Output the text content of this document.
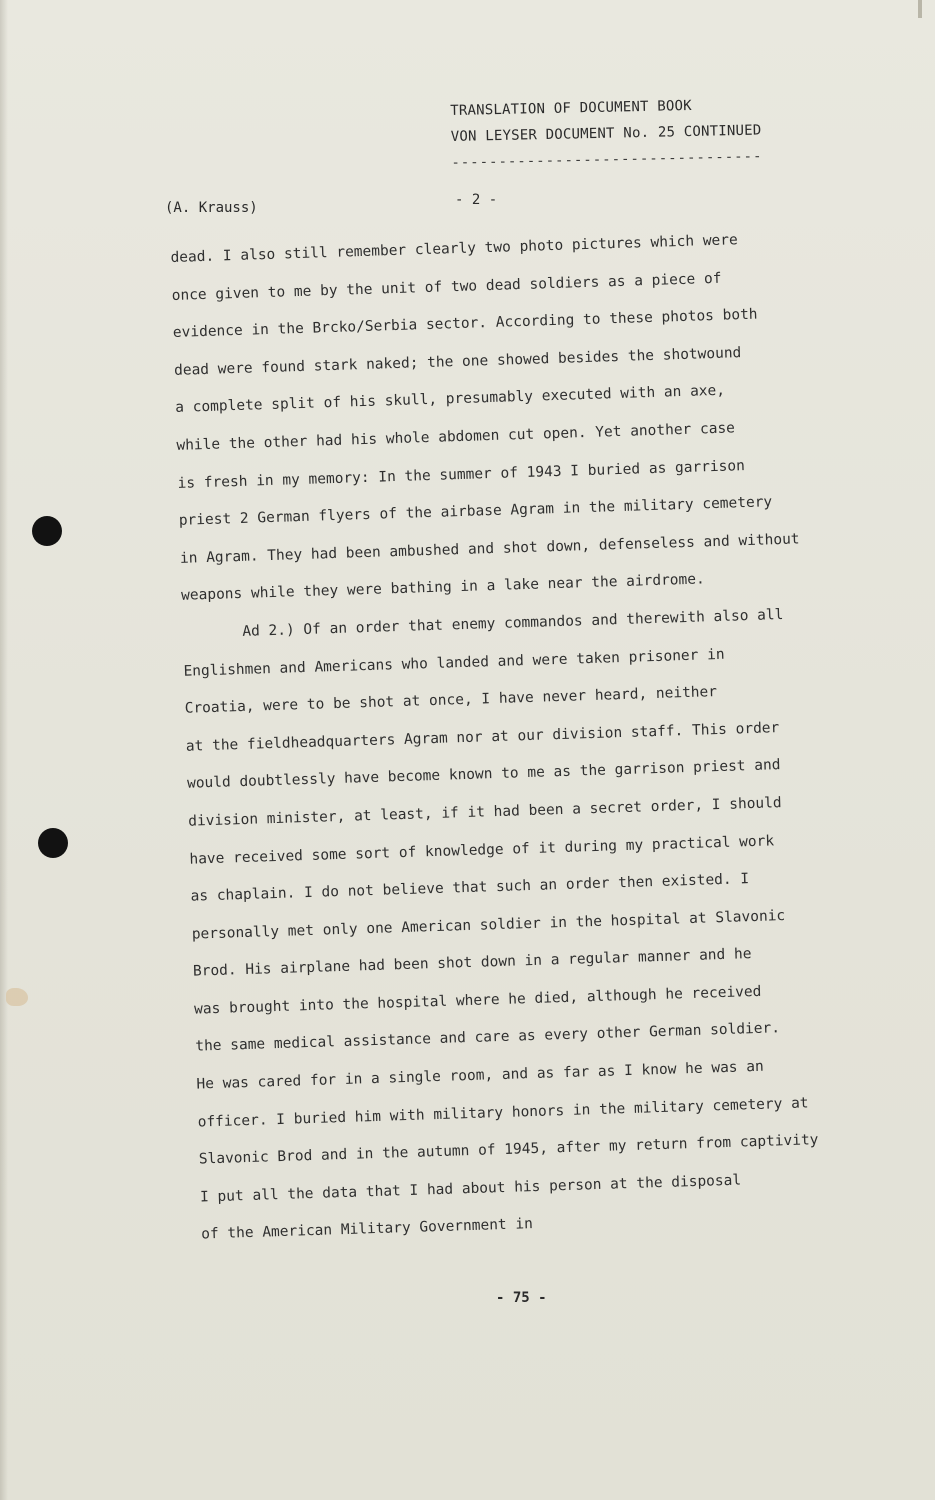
TRANSLATION OF DOCUMENT BOOK
VON LEYSER DOCUMENT No. 25 CONTINUED
---------------------------------
(A. Krauss)	- 2 -
dead. I also still remember clearly two photo pictures which were
once given to me by the unit of two dead soldiers as a piece of
evidence in the Brcko/Serbia sector. According to these photos both
dead were found stark naked; the one showed besides the shotwound
a complete split of his skull, presumably executed with an axe,
while the other had his whole abdomen cut open. Yet another case
is fresh in my memory: In the summer of 1943 I buried as garrison
priest 2 German flyers of the airbase Agram in the military cemetery
in Agram. They had been ambushed and shot down, defenseless and without
weapons while they were bathing in a lake near the airdrome.
Ad 2.) Of an order that enemy commandos and therewith also all
Englishmen and Americans who landed and were taken prisoner in
Croatia, were to be shot at once, I have never heard, neither
at the fieldheadquarters Agram nor at our division staff. This order
would doubtlessly have become known to me as the garrison priest and
division minister, at least, if it had been a secret order, I should
have received some sort of knowledge of it during my practical work
as chaplain. I do not believe that such an order then existed. I
personally met only one American soldier in the hospital at Slavonic
Brod. His airplane had been shot down in a regular manner and he
was brought into the hospital where he died, although he received
the same medical assistance and care as every other German soldier.
He was cared for in a single room, and as far as I know he was an
officer. I buried him with military honors in the military cemetery at
Slavonic Brod and in the autumn of 1945, after my return from captivity
I put all the data that I had about his person at the disposal
of the American Military Government in
- 75 -
